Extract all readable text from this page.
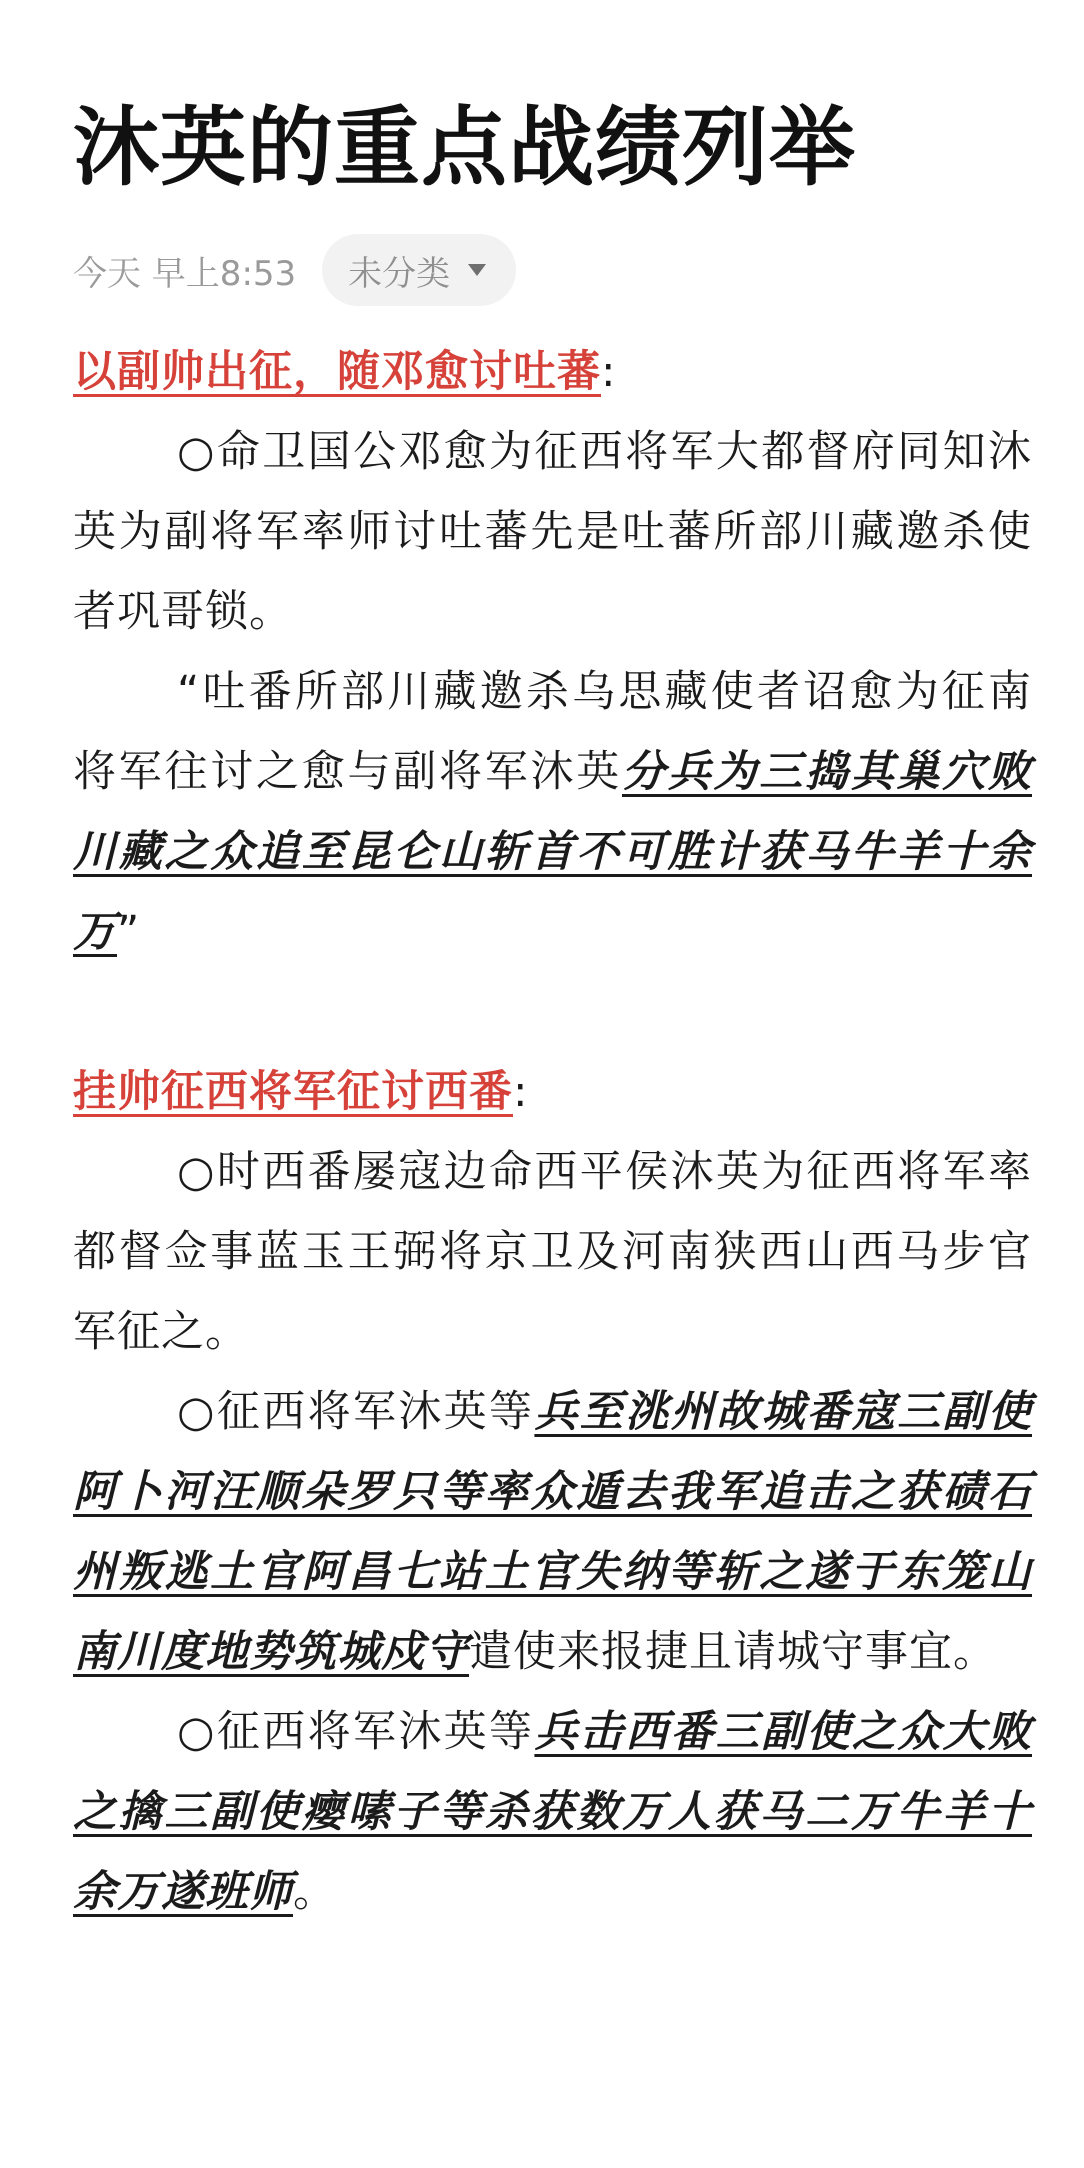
沐英的重点战绩列举
今天 早上8:53 未分类
以副帅出征，随邓愈讨吐蕃:
○命卫国公邓愈为征西将军大都督府同知沐英为副将军率师讨吐蕃先是吐蕃所部川藏邀杀使者巩哥锁。
“吐番所部川藏邀杀乌思藏使者诏愈为征南将军往讨之愈与副将军沐英分兵为三捣其巢穴败川藏之众追至昆仑山斩首不可胜计获马牛羊十余万”
挂帅征西将军征讨西番:
○时西番屡寇边命西平侯沐英为征西将军率都督佥事蓝玉王弼将京卫及河南狭西山西马步官军征之。
○征西将军沐英等兵至洮州故城番寇三副使阿卜河汪顺朵罗只等率众遁去我军追击之获碛石州叛逃土官阿昌七站土官失纳等斩之遂于东笼山南川度地势筑城戍守遣使来报捷且请城守事宜。
○征西将军沐英等兵击西番三副使之众大败之擒三副使瘿嗉子等杀获数万人获马二万牛羊十余万遂班师。
